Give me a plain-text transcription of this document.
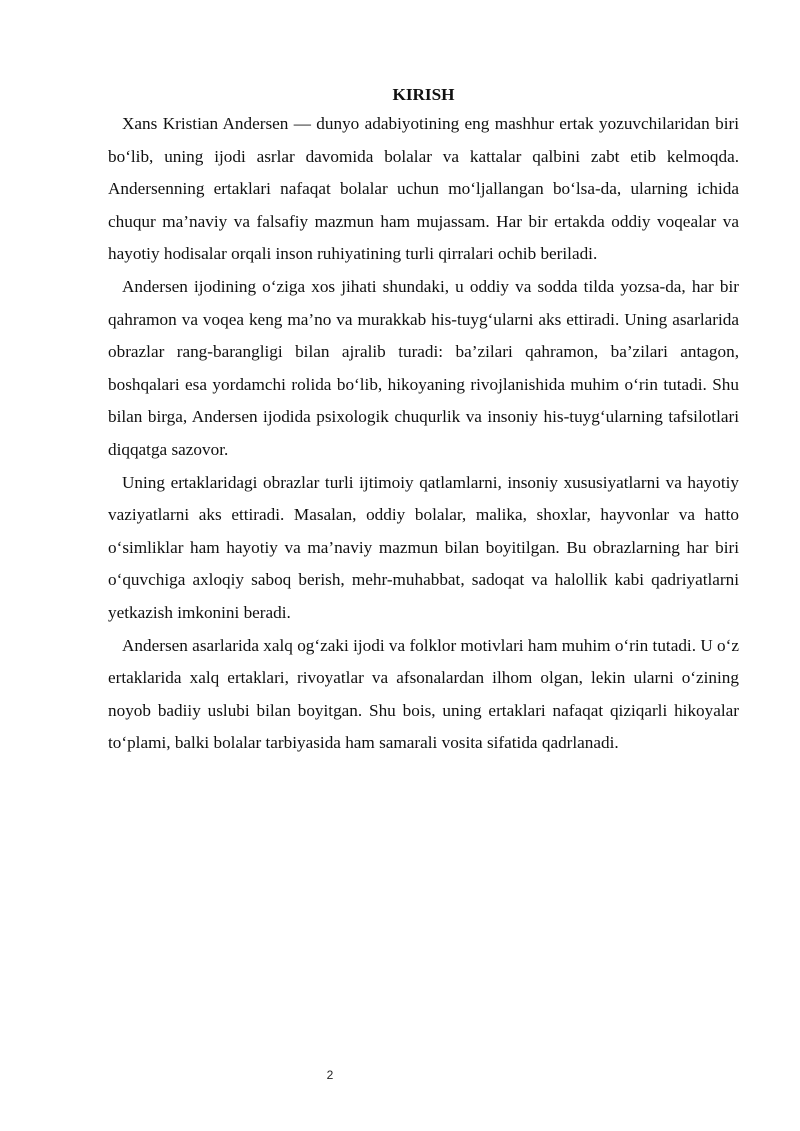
KIRISH

Xans Kristian Andersen — dunyo adabiyotining eng mashhur ertak yozuvchilaridan biri bo‘lib, uning ijodi asrlar davomida bolalar va kattalar qalbini zabt etib kelmoqda. Andersenning ertaklari nafaqat bolalar uchun mo‘ljallangan bo‘lsa-da, ularning ichida chuqur ma’naviy va falsafiy mazmun ham mujassam. Har bir ertakda oddiy voqealar va hayotiy hodisalar orqali inson ruhiyatining turli qirralari ochib beriladi.

Andersen ijodining o‘ziga xos jihati shundaki, u oddiy va sodda tilda yozsa-da, har bir qahramon va voqea keng ma’no va murakkab his-tuyg‘ularni aks ettiradi. Uning asarlarida obrazlar rang-barangligi bilan ajralib turadi: ba’zilari qahramon, ba’zilari antagon, boshqalari esa yordamchi rolida bo‘lib, hikoyaning rivojlanishida muhim o‘rin tutadi. Shu bilan birga, Andersen ijodida psixologik chuqurlik va insoniy his-tuyg‘ularning tafsilotlari diqqatga sazovor.

Uning ertaklaridagi obrazlar turli ijtimoiy qatlamlarni, insoniy xususiyatlarni va hayotiy vaziyatlarni aks ettiradi. Masalan, oddiy bolalar, malika, shoxlar, hayvonlar va hatto o‘simliklar ham hayotiy va ma’naviy mazmun bilan boyitilgan. Bu obrazlarning har biri o‘quvchiga axloqiy saboq berish, mehr-muhabbat, sadoqat va halollik kabi qadriyatlarni yetkazish imkonini beradi.

Andersen asarlarida xalq og‘zaki ijodi va folklor motivlari ham muhim o‘rin tutadi. U o‘z ertaklarida xalq ertaklari, rivoyatlar va afsonalardan ilhom olgan, lekin ularni o‘zining noyob badiiy uslubi bilan boyitgan. Shu bois, uning ertaklari nafaqat qiziqarli hikoyalar to‘plami, balki bolalar tarbiyasida ham samarali vosita sifatida qadrlanadi.

2
